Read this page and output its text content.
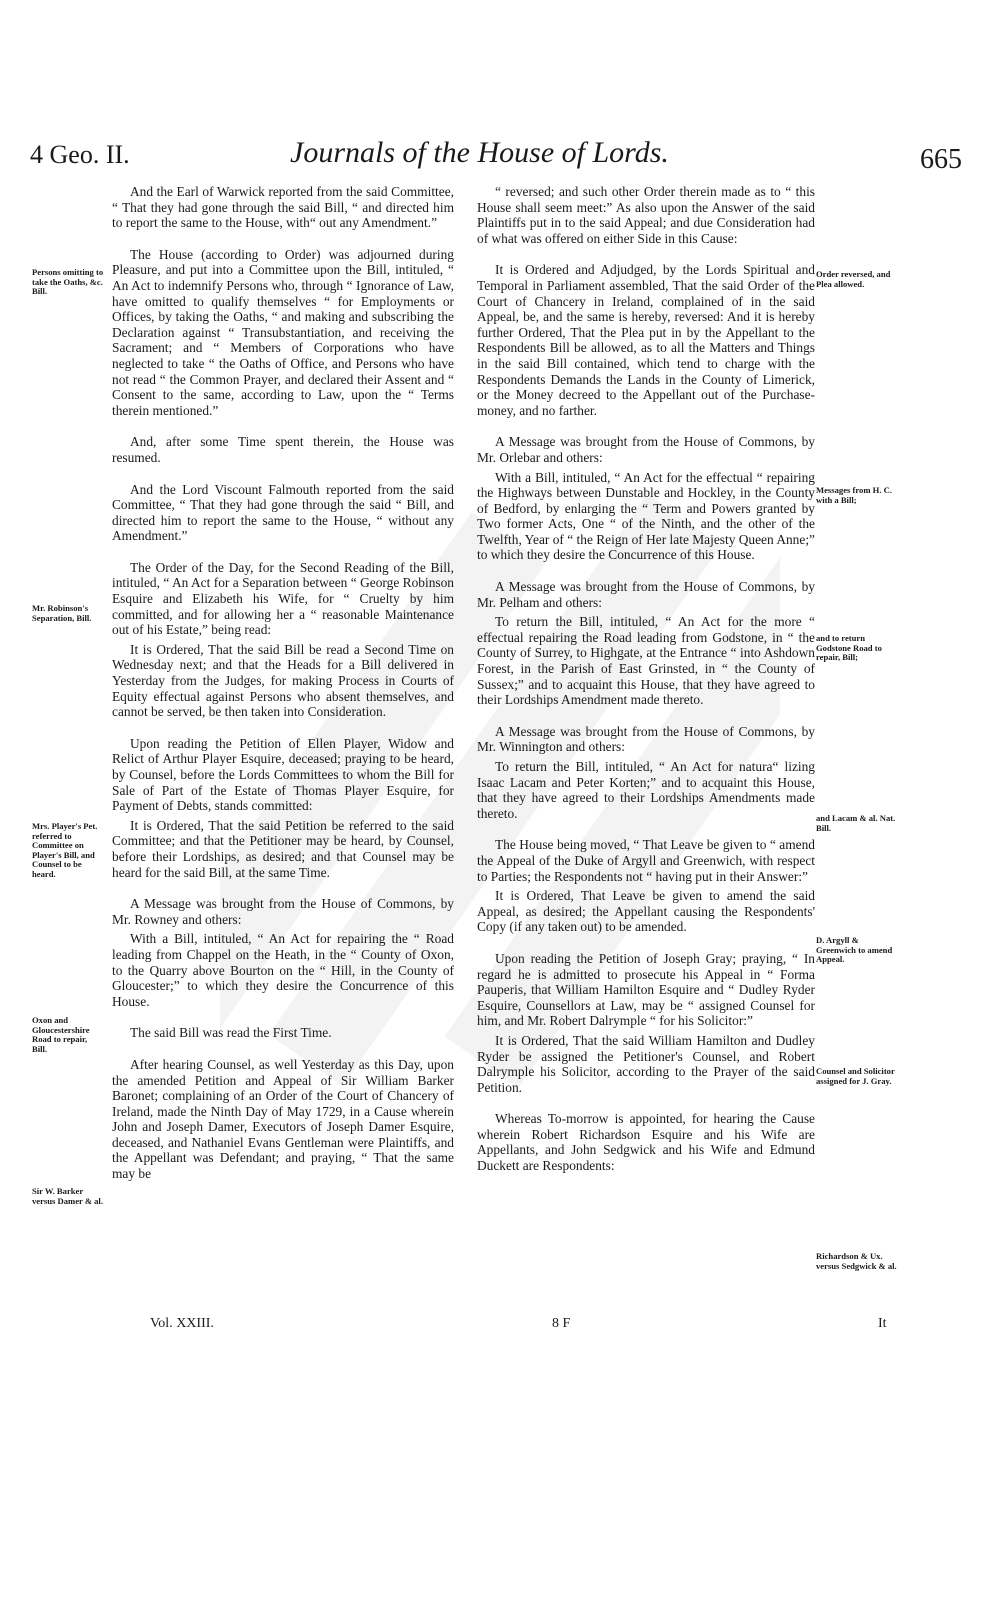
4 Geo. II.	Journals of the House of Lords.	665

And the Earl of Warwick reported from the said Committee, “ That they had gone through the said Bill, “ and directed him to report the same to the House, with“ out any Amendment.”

The House (according to Order) was adjourned during Pleasure, and put into a Committee upon the Bill, intituled, “ An Act to indemnify Persons who, through “ Ignorance of Law, have omitted to qualify themselves “ for Employments or Offices, by taking the Oaths, “ and making and subscribing the Declaration against “ Transubstantiation, and receiving the Sacrament; and “ Members of Corporations who have neglected to take “ the Oaths of Office, and Persons who have not read “ the Common Prayer, and declared their Assent and “ Consent to the same, according to Law, upon the “ Terms therein mentioned.”

And, after some Time spent therein, the House was resumed.

And the Lord Viscount Falmouth reported from the said Committee, “ That they had gone through the said “ Bill, and directed him to report the same to the House, “ without any Amendment.”

The Order of the Day, for the Second Reading of the Bill, intituled, “ An Act for a Separation between “ George Robinson Esquire and Elizabeth his Wife, for “ Cruelty by him committed, and for allowing her a “ reasonable Maintenance out of his Estate,” being read:

It is Ordered, That the said Bill be read a Second Time on Wednesday next; and that the Heads for a Bill delivered in Yesterday from the Judges, for making Process in Courts of Equity effectual against Persons who absent themselves, and cannot be served, be then taken into Consideration.

Upon reading the Petition of Ellen Player, Widow and Relict of Arthur Player Esquire, deceased; praying to be heard, by Counsel, before the Lords Committees to whom the Bill for Sale of Part of the Estate of Thomas Player Esquire, for Payment of Debts, stands committed:

It is Ordered, That the said Petition be referred to the said Committee; and that the Petitioner may be heard, by Counsel, before their Lordships, as desired; and that Counsel may be heard for the said Bill, at the same Time.

A Message was brought from the House of Commons, by Mr. Rowney and others:

With a Bill, intituled, “ An Act for repairing the “ Road leading from Chappel on the Heath, in the “ County of Oxon, to the Quarry above Bourton on the “ Hill, in the County of Gloucester;” to which they desire the Concurrence of this House.

The said Bill was read the First Time.

After hearing Counsel, as well Yesterday as this Day, upon the amended Petition and Appeal of Sir William Barker Baronet; complaining of an Order of the Court of Chancery of Ireland, made the Ninth Day of May 1729, in a Cause wherein John and Joseph Damer, Executors of Joseph Damer Esquire, deceased, and Nathaniel Evans Gentleman were Plaintiffs, and the Appellant was Defendant; and praying, “ That the same may be

“ reversed; and such other Order therein made as to “ this House shall seem meet:” As also upon the Answer of the said Plaintiffs put in to the said Appeal; and due Consideration had of what was offered on either Side in this Cause:

It is Ordered and Adjudged, by the Lords Spiritual and Temporal in Parliament assembled, That the said Order of the Court of Chancery in Ireland, complained of in the said Appeal, be, and the same is hereby, reversed: And it is hereby further Ordered, That the Plea put in by the Appellant to the Respondents Bill be allowed, as to all the Matters and Things in the said Bill contained, which tend to charge with the Respondents Demands the Lands in the County of Limerick, or the Money decreed to the Appellant out of the Purchase-money, and no farther.

A Message was brought from the House of Commons, by Mr. Orlebar and others:

With a Bill, intituled, “ An Act for the effectual “ repairing the Highways between Dunstable and Hockley, in the County of Bedford, by enlarging the “ Term and Powers granted by Two former Acts, One “ of the Ninth, and the other of the Twelfth, Year of “ the Reign of Her late Majesty Queen Anne;” to which they desire the Concurrence of this House.

A Message was brought from the House of Commons, by Mr. Pelham and others:

To return the Bill, intituled, “ An Act for the more “ effectual repairing the Road leading from Godstone, in “ the County of Surrey, to Highgate, at the Entrance “ into Ashdown Forest, in the Parish of East Grinsted, in “ the County of Sussex;” and to acquaint this House, that they have agreed to their Lordships Amendment made thereto.

A Message was brought from the House of Commons, by Mr. Winnington and others:

To return the Bill, intituled, “ An Act for natura“ lizing Isaac Lacam and Peter Korten;” and to acquaint this House, that they have agreed to their Lordships Amendments made thereto.

The House being moved, “ That Leave be given to “ amend the Appeal of the Duke of Argyll and Greenwich, with respect to Parties; the Respondents not “ having put in their Answer:”

It is Ordered, That Leave be given to amend the said Appeal, as desired; the Appellant causing the Respondents' Copy (if any taken out) to be amended.

Upon reading the Petition of Joseph Gray; praying, “ In regard he is admitted to prosecute his Appeal in “ Forma Pauperis, that William Hamilton Esquire and “ Dudley Ryder Esquire, Counsellors at Law, may be “ assigned Counsel for him, and Mr. Robert Dalrymple “ for his Solicitor:”

It is Ordered, That the said William Hamilton and Dudley Ryder be assigned the Petitioner's Counsel, and Robert Dalrymple his Solicitor, according to the Prayer of the said Petition.

Whereas To-morrow is appointed, for hearing the Cause wherein Robert Richardson Esquire and his Wife are Appellants, and John Sedgwick and his Wife and Edmund Duckett are Respondents:

Persons omitting to take the Oaths, &c. Bill.
Mr. Robinson's Separation, Bill.
Mrs. Player's Pet. referred to Committee on Player's Bill, and Counsel to be heard.
Oxon and Gloucestershire Road to repair, Bill.
Sir W. Barker versus Damer & al.
Order reversed, and Plea allowed.
Messages from H. C. with a Bill;
and to return Godstone Road to repair, Bill;
and Lacam & al. Nat. Bill.
D. Argyll & Greenwich to amend Appeal.
Counsel and Solicitor assigned for J. Gray.
Richardson & Ux. versus Sedgwick & al.
Vol. XXIII.	8 F	It
